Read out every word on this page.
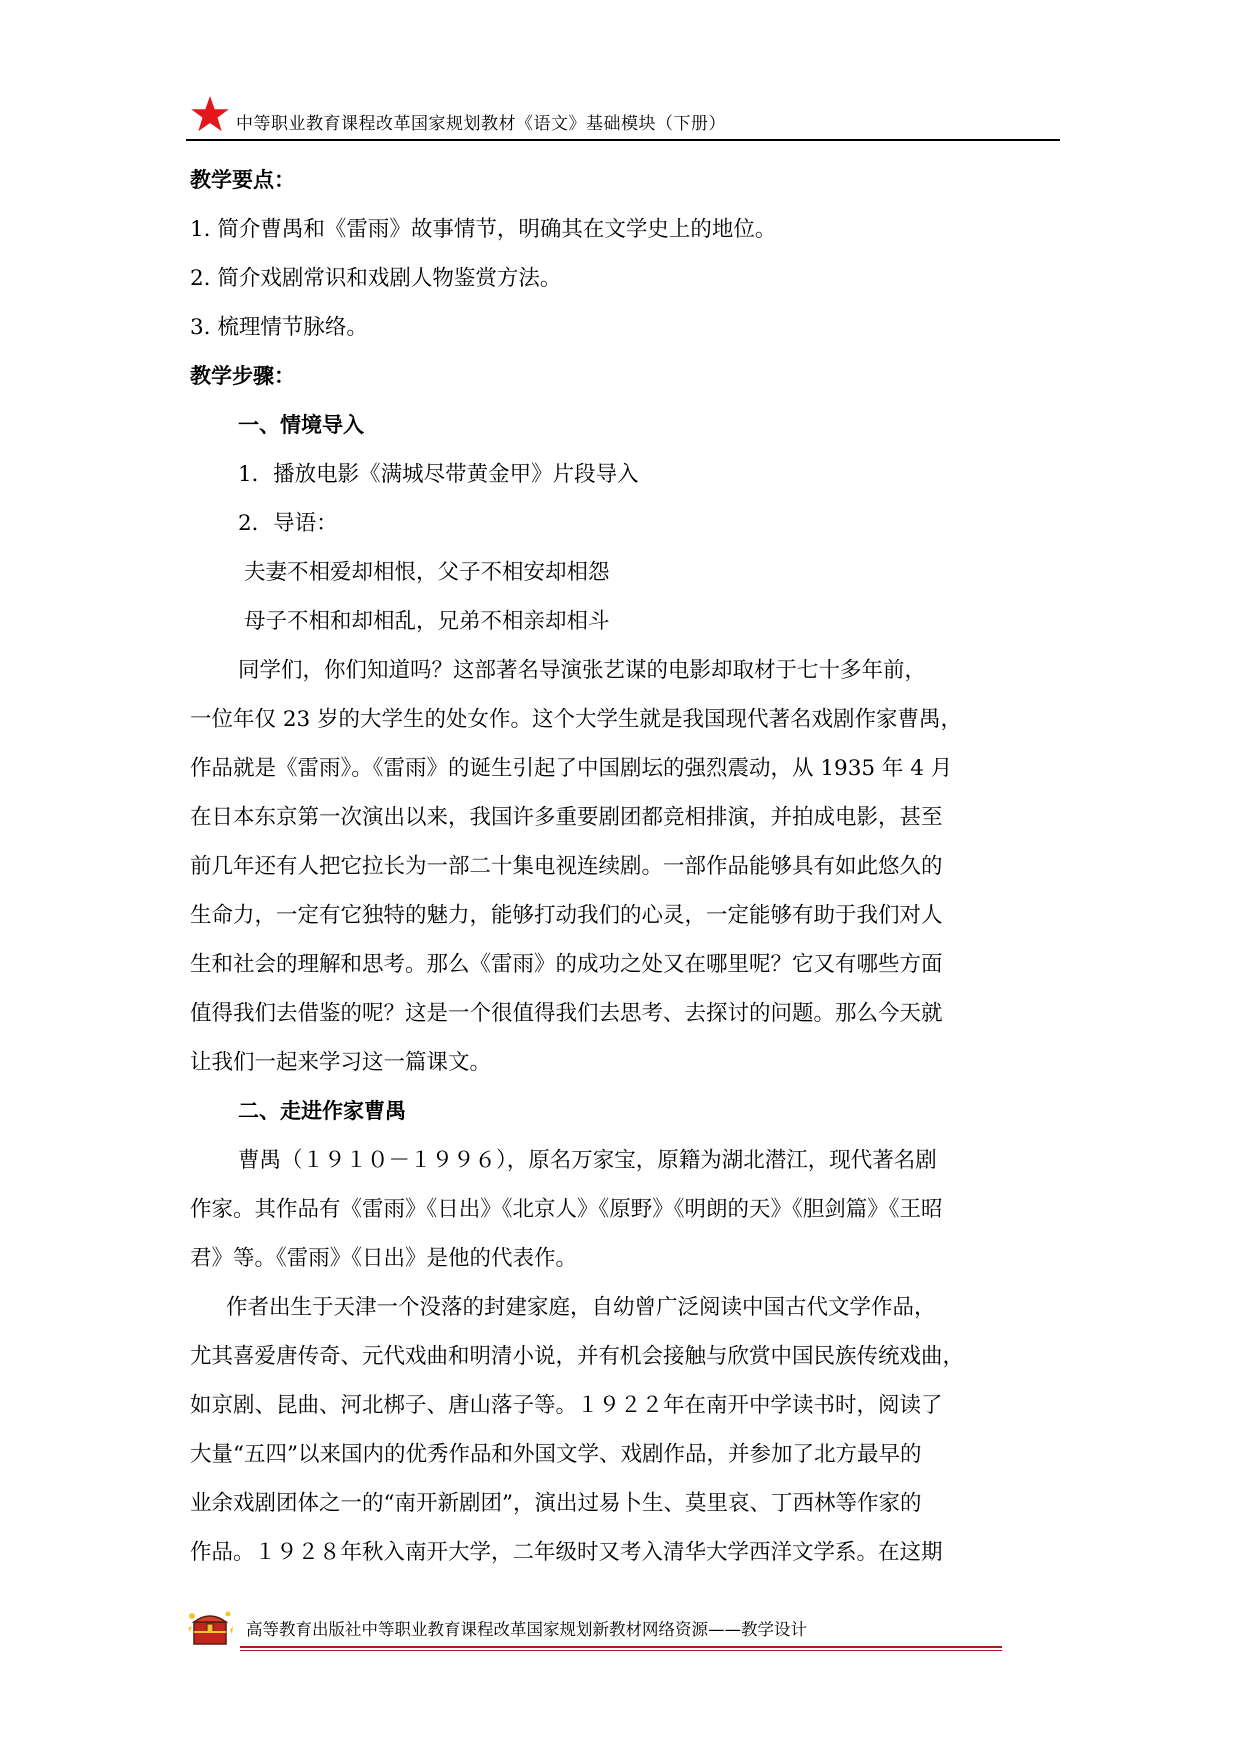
中等职业教育课程改革国家规划教材《语文》基础模块（下册）
教学要点：
1. 简介曹禺和《雷雨》故事情节，明确其在文学史上的地位。
2. 简介戏剧常识和戏剧人物鉴赏方法。
3. 梳理情节脉络。
教学步骤：
一、情境导入
1．播放电影《满城尽带黄金甲》片段导入
2．导语：
夫妻不相爱却相恨，父子不相安却相怨
母子不相和却相乱，兄弟不相亲却相斗
同学们，你们知道吗？这部著名导演张艺谋的电影却取材于七十多年前，
一位年仅 23 岁的大学生的处女作。这个大学生就是我国现代著名戏剧作家曹禺，
作品就是《雷雨》。《雷雨》的诞生引起了中国剧坛的强烈震动，从 1935 年 4 月
在日本东京第一次演出以来，我国许多重要剧团都竞相排演，并拍成电影，甚至
前几年还有人把它拉长为一部二十集电视连续剧。一部作品能够具有如此悠久的
生命力，一定有它独特的魅力，能够打动我们的心灵，一定能够有助于我们对人
生和社会的理解和思考。那么《雷雨》的成功之处又在哪里呢？它又有哪些方面
值得我们去借鉴的呢？这是一个很值得我们去思考、去探讨的问题。那么今天就
让我们一起来学习这一篇课文。
二、走进作家曹禺
曹禺（１９１０－１９９６），原名万家宝，原籍为湖北潜江，现代著名剧
作家。其作品有《雷雨》《日出》《北京人》《原野》《明朗的天》《胆剑篇》《王昭
君》等。《雷雨》《日出》是他的代表作。
作者出生于天津一个没落的封建家庭，自幼曾广泛阅读中国古代文学作品，
尤其喜爱唐传奇、元代戏曲和明清小说，并有机会接触与欣赏中国民族传统戏曲，
如京剧、昆曲、河北梆子、唐山落子等。１９２２年在南开中学读书时，阅读了
大量“五四”以来国内的优秀作品和外国文学、戏剧作品，并参加了北方最早的
业余戏剧团体之一的“南开新剧团”，演出过易卜生、莫里哀、丁西林等作家的
作品。１９２８年秋入南开大学，二年级时又考入清华大学西洋文学系。在这期
高等教育出版社中等职业教育课程改革国家规划新教材网络资源——教学设计
